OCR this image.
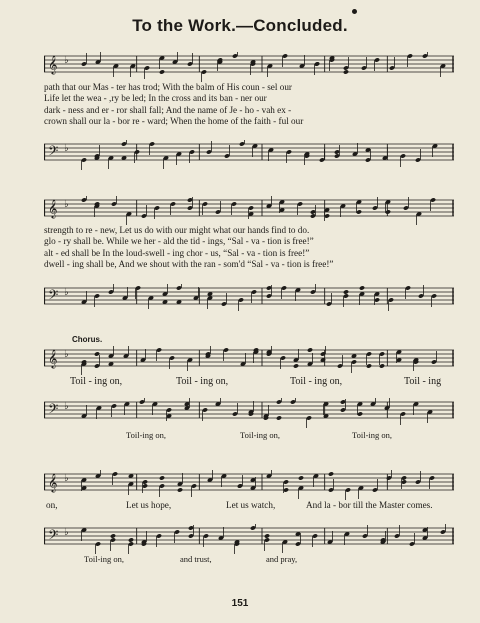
To the Work.—Concluded.
𝄞 ♭
path that our Mas - ter has trod; With the balm of His coun - sel our
Life let the wea - ,ry be led; In the cross and its ban - ner our
dark - ness and er - ror shall fall; And the name of Je - ho - vah ex -
crown shall our la - bor re - ward; When the home of the faith - ful our
𝄢 ♭
𝄞 ♭
strength to re - new, Let us do with our might what our hands find to do.
glo - ry shall be. While we her - ald the tid - ings, “Sal - va - tion is free!”
alt - ed shall be In the loud-swell - ing chor - us, “Sal - va - tion is free!”
dwell - ing shall be, And we shout with the ran - som'd “Sal - va - tion is free!”
𝄢 ♭
Chorus.
𝄞 ♭
Toil - ing on,	Toil - ing on,	Toil - ing on,	Toil - ing
𝄢 ♭
Toil-ing on,	Toil-ing on,	Toil-ing on,
𝄞 ♭
on,	Let us hope,	Let us watch,	And la - bor till the Master comes.
𝄢 ♭
Toil-ing on,	and trust,	and pray,
151
